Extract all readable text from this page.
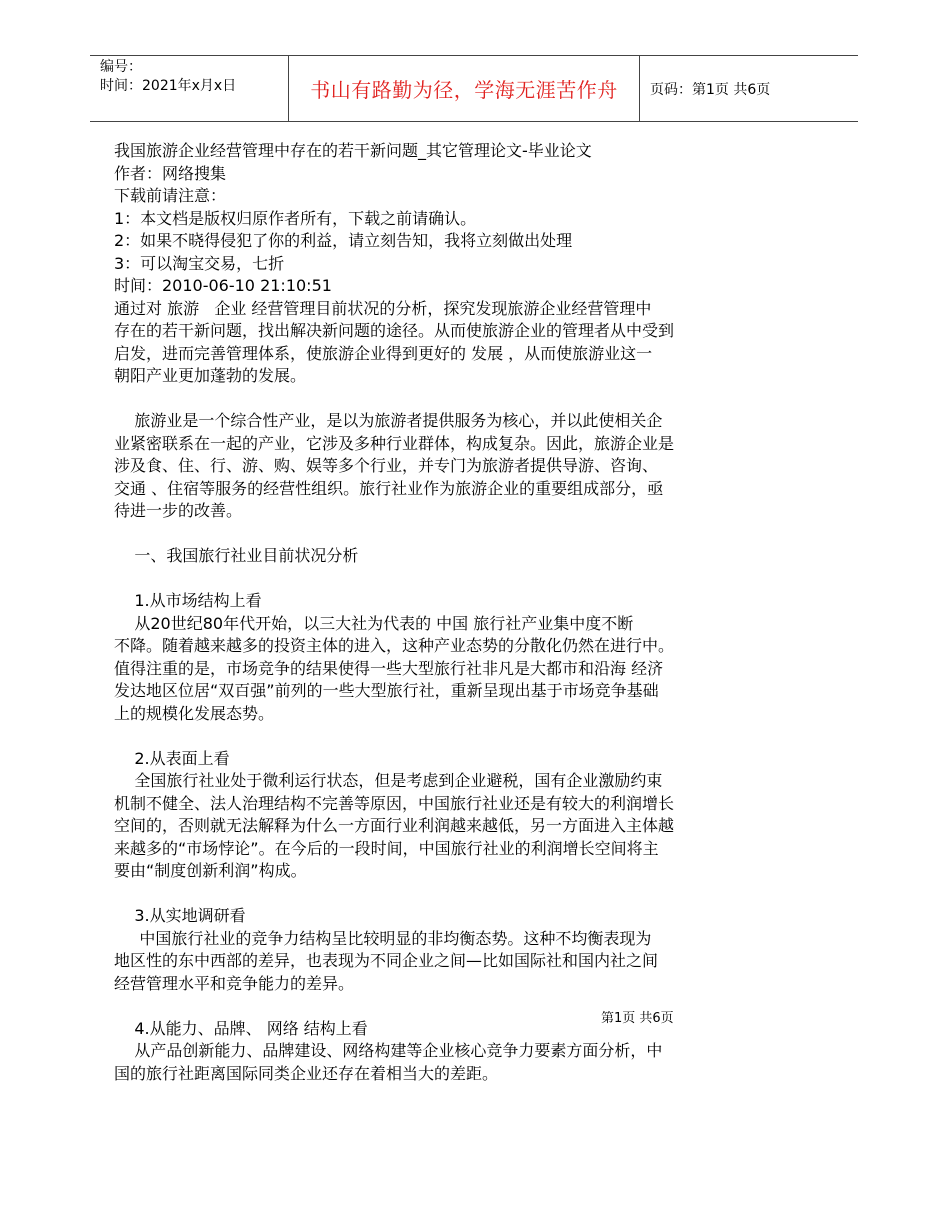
编号：
时间：2021年x月x日	书山有路勤为径，学海无涯苦作舟	页码：第1页 共6页
我国旅游企业经营管理中存在的若干新问题_其它管理论文-毕业论文
作者：网络搜集
下载前请注意：
1：本文档是版权归原作者所有，下载之前请确认。
2：如果不晓得侵犯了你的利益，请立刻告知，我将立刻做出处理
3：可以淘宝交易，七折
时间：2010-06-10 21:10:51
通过对 旅游   企业 经营管理目前状况的分析，探究发现旅游企业经营管理中
存在的若干新问题，找出解决新问题的途径。从而使旅游企业的管理者从中受到
启发，进而完善管理体系，使旅游企业得到更好的 发展 ，从而使旅游业这一
朝阳产业更加蓬勃的发展。
旅游业是一个综合性产业，是以为旅游者提供服务为核心，并以此使相关企
业紧密联系在一起的产业，它涉及多种行业群体，构成复杂。因此，旅游企业是
涉及食、住、行、游、购、娱等多个行业，并专门为旅游者提供导游、咨询、
交通 、住宿等服务的经营性组织。旅行社业作为旅游企业的重要组成部分，亟
待进一步的改善。
一、我国旅行社业目前状况分析
1.从市场结构上看
从20世纪80年代开始，以三大社为代表的 中国 旅行社产业集中度不断
不降。随着越来越多的投资主体的进入，这种产业态势的分散化仍然在进行中。
值得注重的是，市场竞争的结果使得一些大型旅行社非凡是大都市和沿海 经济
发达地区位居“双百强”前列的一些大型旅行社，重新呈现出基于市场竞争基础
上的规模化发展态势。
2.从表面上看
全国旅行社业处于微利运行状态，但是考虑到企业避税，国有企业激励约束
机制不健全、法人治理结构不完善等原因，中国旅行社业还是有较大的利润增长
空间的，否则就无法解释为什么一方面行业利润越来越低，另一方面进入主体越
来越多的“市场悖论”。在今后的一段时间，中国旅行社业的利润增长空间将主
要由“制度创新利润”构成。
3.从实地调研看
中国旅行社业的竞争力结构呈比较明显的非均衡态势。这种不均衡表现为
地区性的东中西部的差异，也表现为不同企业之间—比如国际社和国内社之间
经营管理水平和竞争能力的差异。
4.从能力、品牌、 网络 结构上看
从产品创新能力、品牌建设、网络构建等企业核心竞争力要素方面分析，中
国的旅行社距离国际同类企业还存在着相当大的差距。
第1页 共6页
